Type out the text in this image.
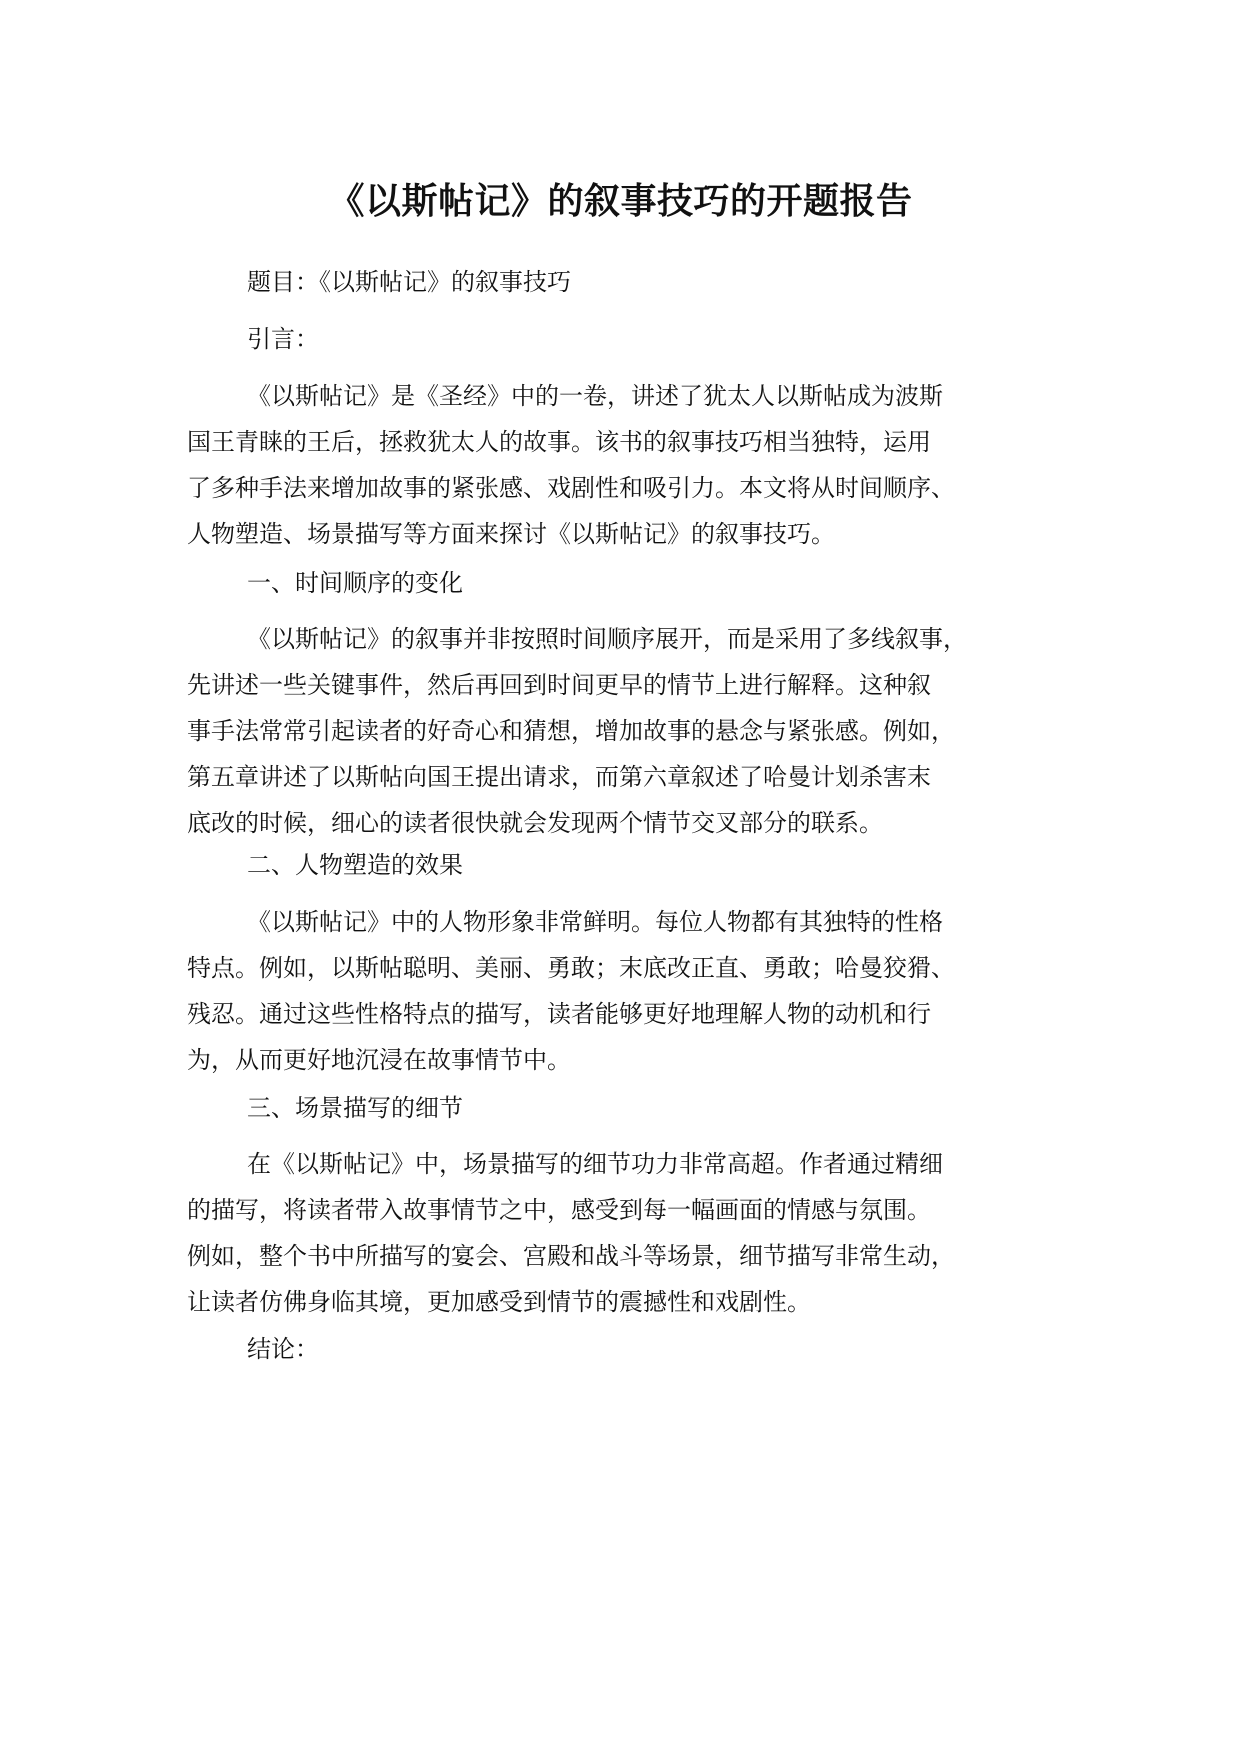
《以斯帖记》的叙事技巧的开题报告

题目：《以斯帖记》的叙事技巧

引言：

《以斯帖记》是《圣经》中的一卷，讲述了犹太人以斯帖成为波斯
国王青睐的王后，拯救犹太人的故事。该书的叙事技巧相当独特，运用
了多种手法来增加故事的紧张感、戏剧性和吸引力。本文将从时间顺序、
人物塑造、场景描写等方面来探讨《以斯帖记》的叙事技巧。

一、时间顺序的变化

《以斯帖记》的叙事并非按照时间顺序展开，而是采用了多线叙事，
先讲述一些关键事件，然后再回到时间更早的情节上进行解释。这种叙
事手法常常引起读者的好奇心和猜想，增加故事的悬念与紧张感。例如，
第五章讲述了以斯帖向国王提出请求，而第六章叙述了哈曼计划杀害末
底改的时候，细心的读者很快就会发现两个情节交叉部分的联系。

二、人物塑造的效果

《以斯帖记》中的人物形象非常鲜明。每位人物都有其独特的性格
特点。例如，以斯帖聪明、美丽、勇敢；末底改正直、勇敢；哈曼狡猾、
残忍。通过这些性格特点的描写，读者能够更好地理解人物的动机和行
为，从而更好地沉浸在故事情节中。

三、场景描写的细节

在《以斯帖记》中，场景描写的细节功力非常高超。作者通过精细
的描写，将读者带入故事情节之中，感受到每一幅画面的情感与氛围。
例如，整个书中所描写的宴会、宫殿和战斗等场景，细节描写非常生动，
让读者仿佛身临其境，更加感受到情节的震撼性和戏剧性。

结论：
